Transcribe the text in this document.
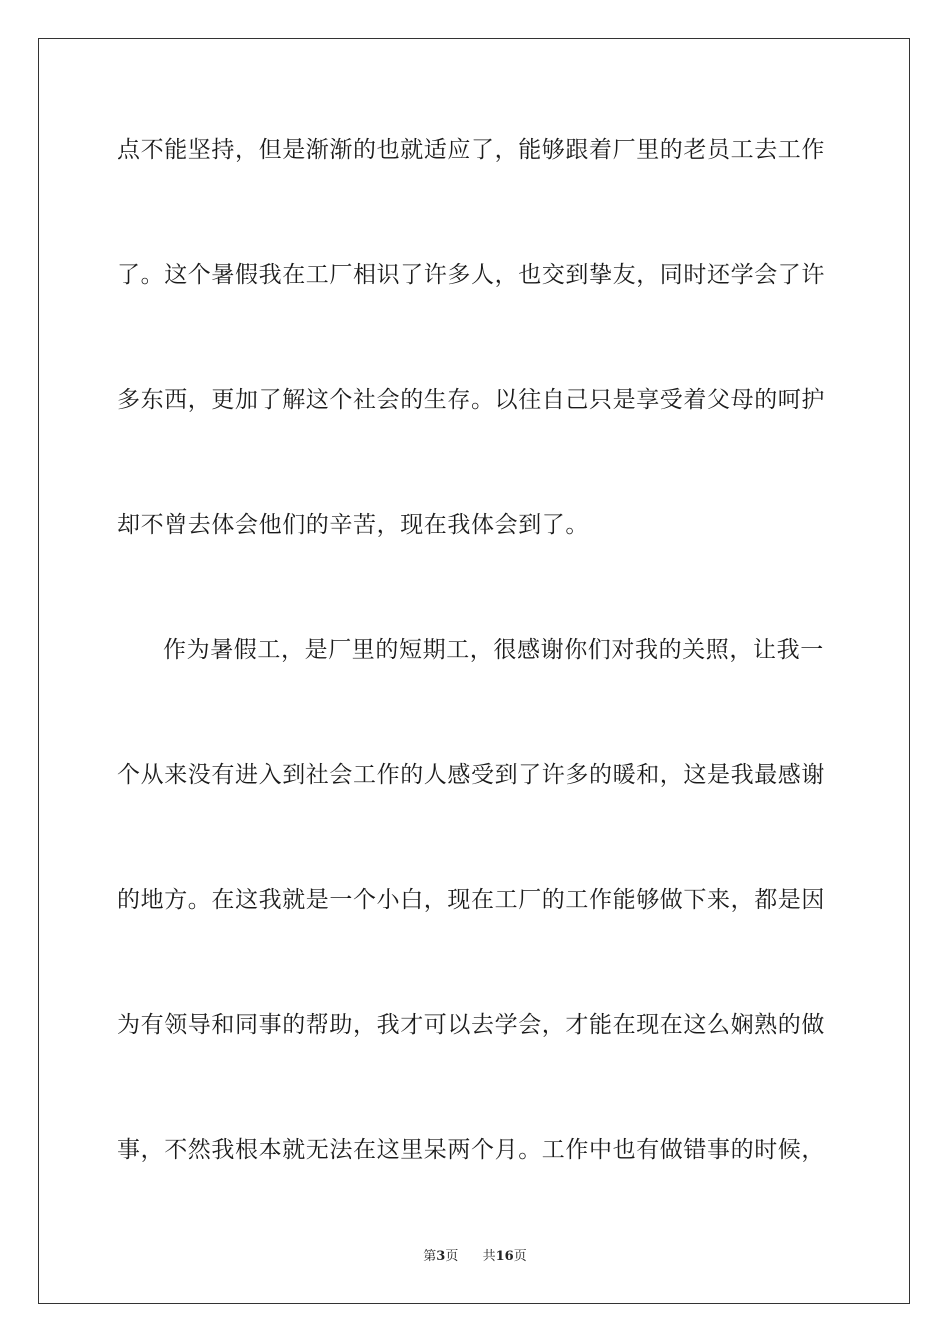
点不能坚持，但是渐渐的也就适应了，能够跟着厂里的老员工去工作
了。这个暑假我在工厂相识了许多人，也交到挚友，同时还学会了许
多东西，更加了解这个社会的生存。以往自己只是享受着父母的呵护
却不曾去体会他们的辛苦，现在我体会到了。
作为暑假工，是厂里的短期工，很感谢你们对我的关照，让我一
个从来没有进入到社会工作的人感受到了许多的暖和，这是我最感谢
的地方。在这我就是一个小白，现在工厂的工作能够做下来，都是因
为有领导和同事的帮助，我才可以去学会，才能在现在这么娴熟的做
事，不然我根本就无法在这里呆两个月。工作中也有做错事的时候，
第3页 共16页
